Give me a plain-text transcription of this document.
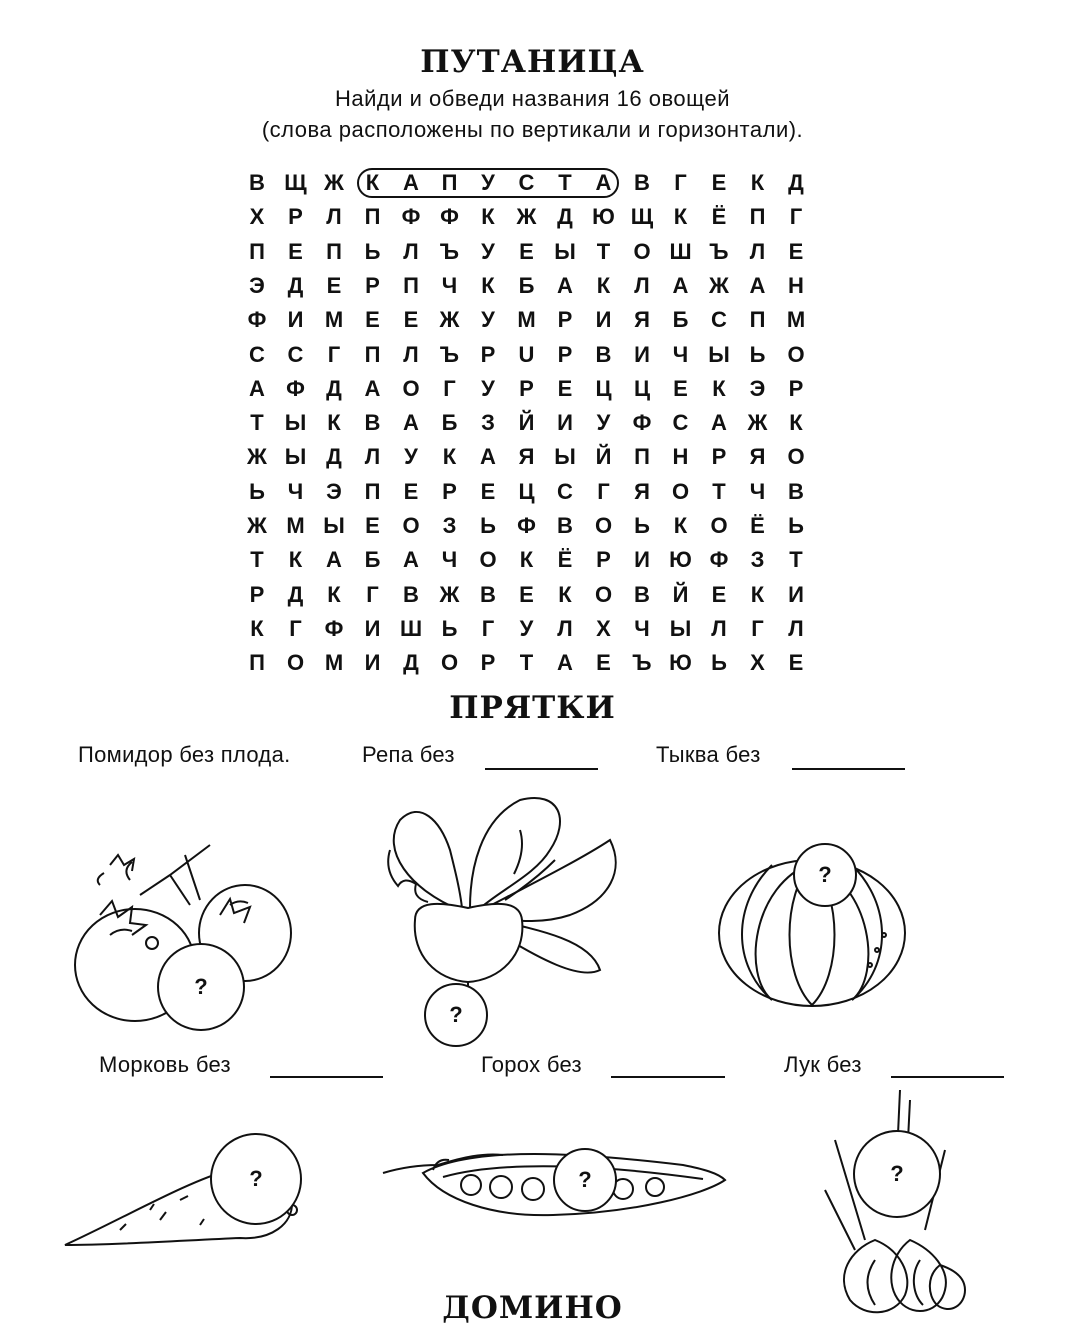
ПУТАНИЦА
Найди и обведи названия 16 овощей
(слова расположены по вертикали и горизонтали).
В Щ Ж К	А	П	У	С	Т	А	В	Г	Е	К	Д
Х	Р	Л	П Ф Ф	К Ж Д Ю Щ К	Ё	П	Г
П	Е	П	Ь	Л Ъ	У	Е Ы Т	О Ш Ъ Л	Е
Э	Д	Е	Р	П	Ч	К	Б	А	К	Л	А Ж А	Н
Ф И М	Е	Е Ж У	М	Р	И	Я	Б	С	П М
С	С	Г	П	Л Ъ Р	U	Р	В	И	Ч Ы Ь	О
А Ф Д	А	О	Г	У	Р	Е	Ц	Ц	Е	К	Э	Р
Т Ы К	В	А	Б	З	Й	И	У	Ф С	А Ж К
Ж Ы Д	Л	У	К	А	Я Ы Й	П	Н	Р	Я	О
Ь	Ч	Э	П	Е	Р	Е	Ц	С	Г	Я	О	Т	Ч	В
Ж М Ы Е	О	З	Ь Ф В	О	Ь	К	О	Ё	Ь
Т	К	А	Б	А	Ч	О	К	Ё	Р	И Ю Ф	З	Т
Р	Д	К	Г	В Ж В	Е	К	О В	Й	Е	К	И
К	Г	Ф И Ш Ь	Г	У	Л	Х	Ч Ы Л	Г	Л
П	О М И	Д	О	Р	Т	А	Е Ъ Ю Ь	Х	Е
ПРЯТКИ
Помидор без плода.	Репа без	Тыква без
?
?
?
Морковь без	Горох без	Лук без
?	?	?
ДОМИНО
